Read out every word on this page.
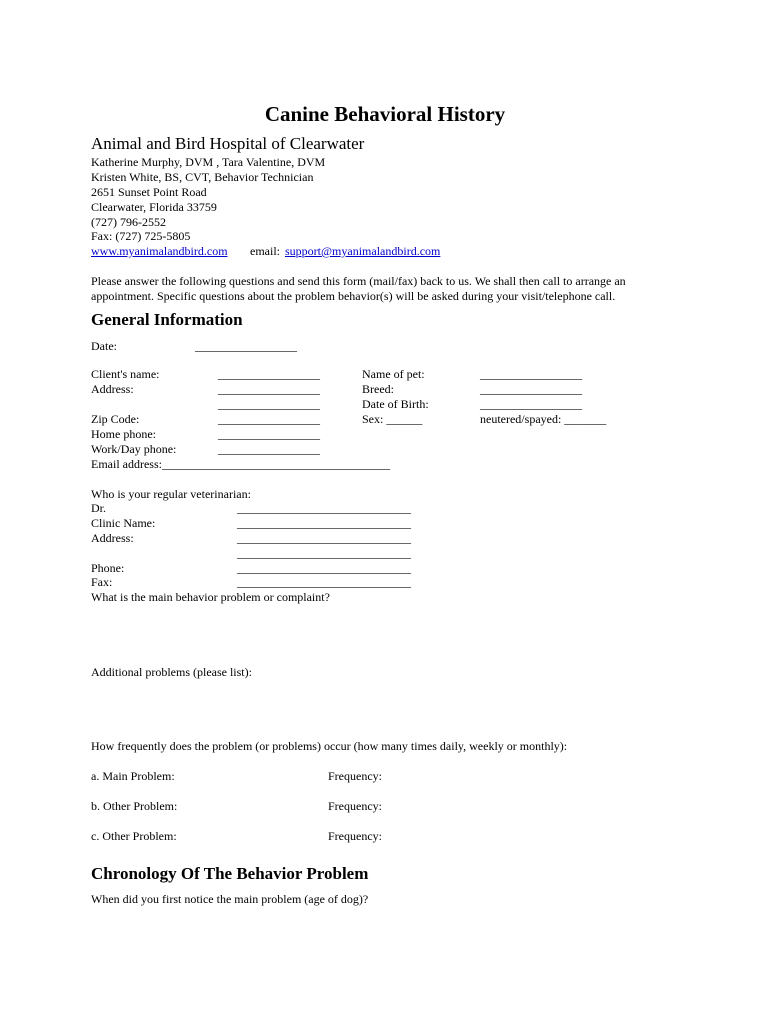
Canine Behavioral History
Animal and Bird Hospital of Clearwater
Katherine Murphy, DVM , Tara Valentine, DVM
Kristen White, BS, CVT, Behavior Technician
2651 Sunset Point Road
Clearwater, Florida 33759
(727) 796-2552
Fax: (727) 725-5805
www.myanimalandbird.com email: support@myanimalandbird.com
Please answer the following questions and send this form (mail/fax) back to us. We shall then call to arrange an
appointment. Specific questions about the problem behavior(s) will be asked during your visit/telephone call.
General Information
Date:	_________________
Client's name:	_________________
Address:	_________________
_________________
Zip Code:	_________________
Home phone:	_________________
Work/Day phone:	_________________
Email address:______________________________________
Name of pet:	_________________
Breed:	_________________
Date of Birth:	_________________
Sex: ______	neutered/spayed: _______
Who is your regular veterinarian:
Dr.	_____________________________
Clinic Name:	_____________________________
Address:	_____________________________
_____________________________
Phone:	_____________________________
Fax:	_____________________________
What is the main behavior problem or complaint?
Additional problems (please list):
How frequently does the problem (or problems) occur (how many times daily, weekly or monthly):
a. Main Problem:	Frequency:
b. Other Problem:	Frequency:
c. Other Problem:	Frequency:
Chronology Of The Behavior Problem
When did you first notice the main problem (age of dog)?
